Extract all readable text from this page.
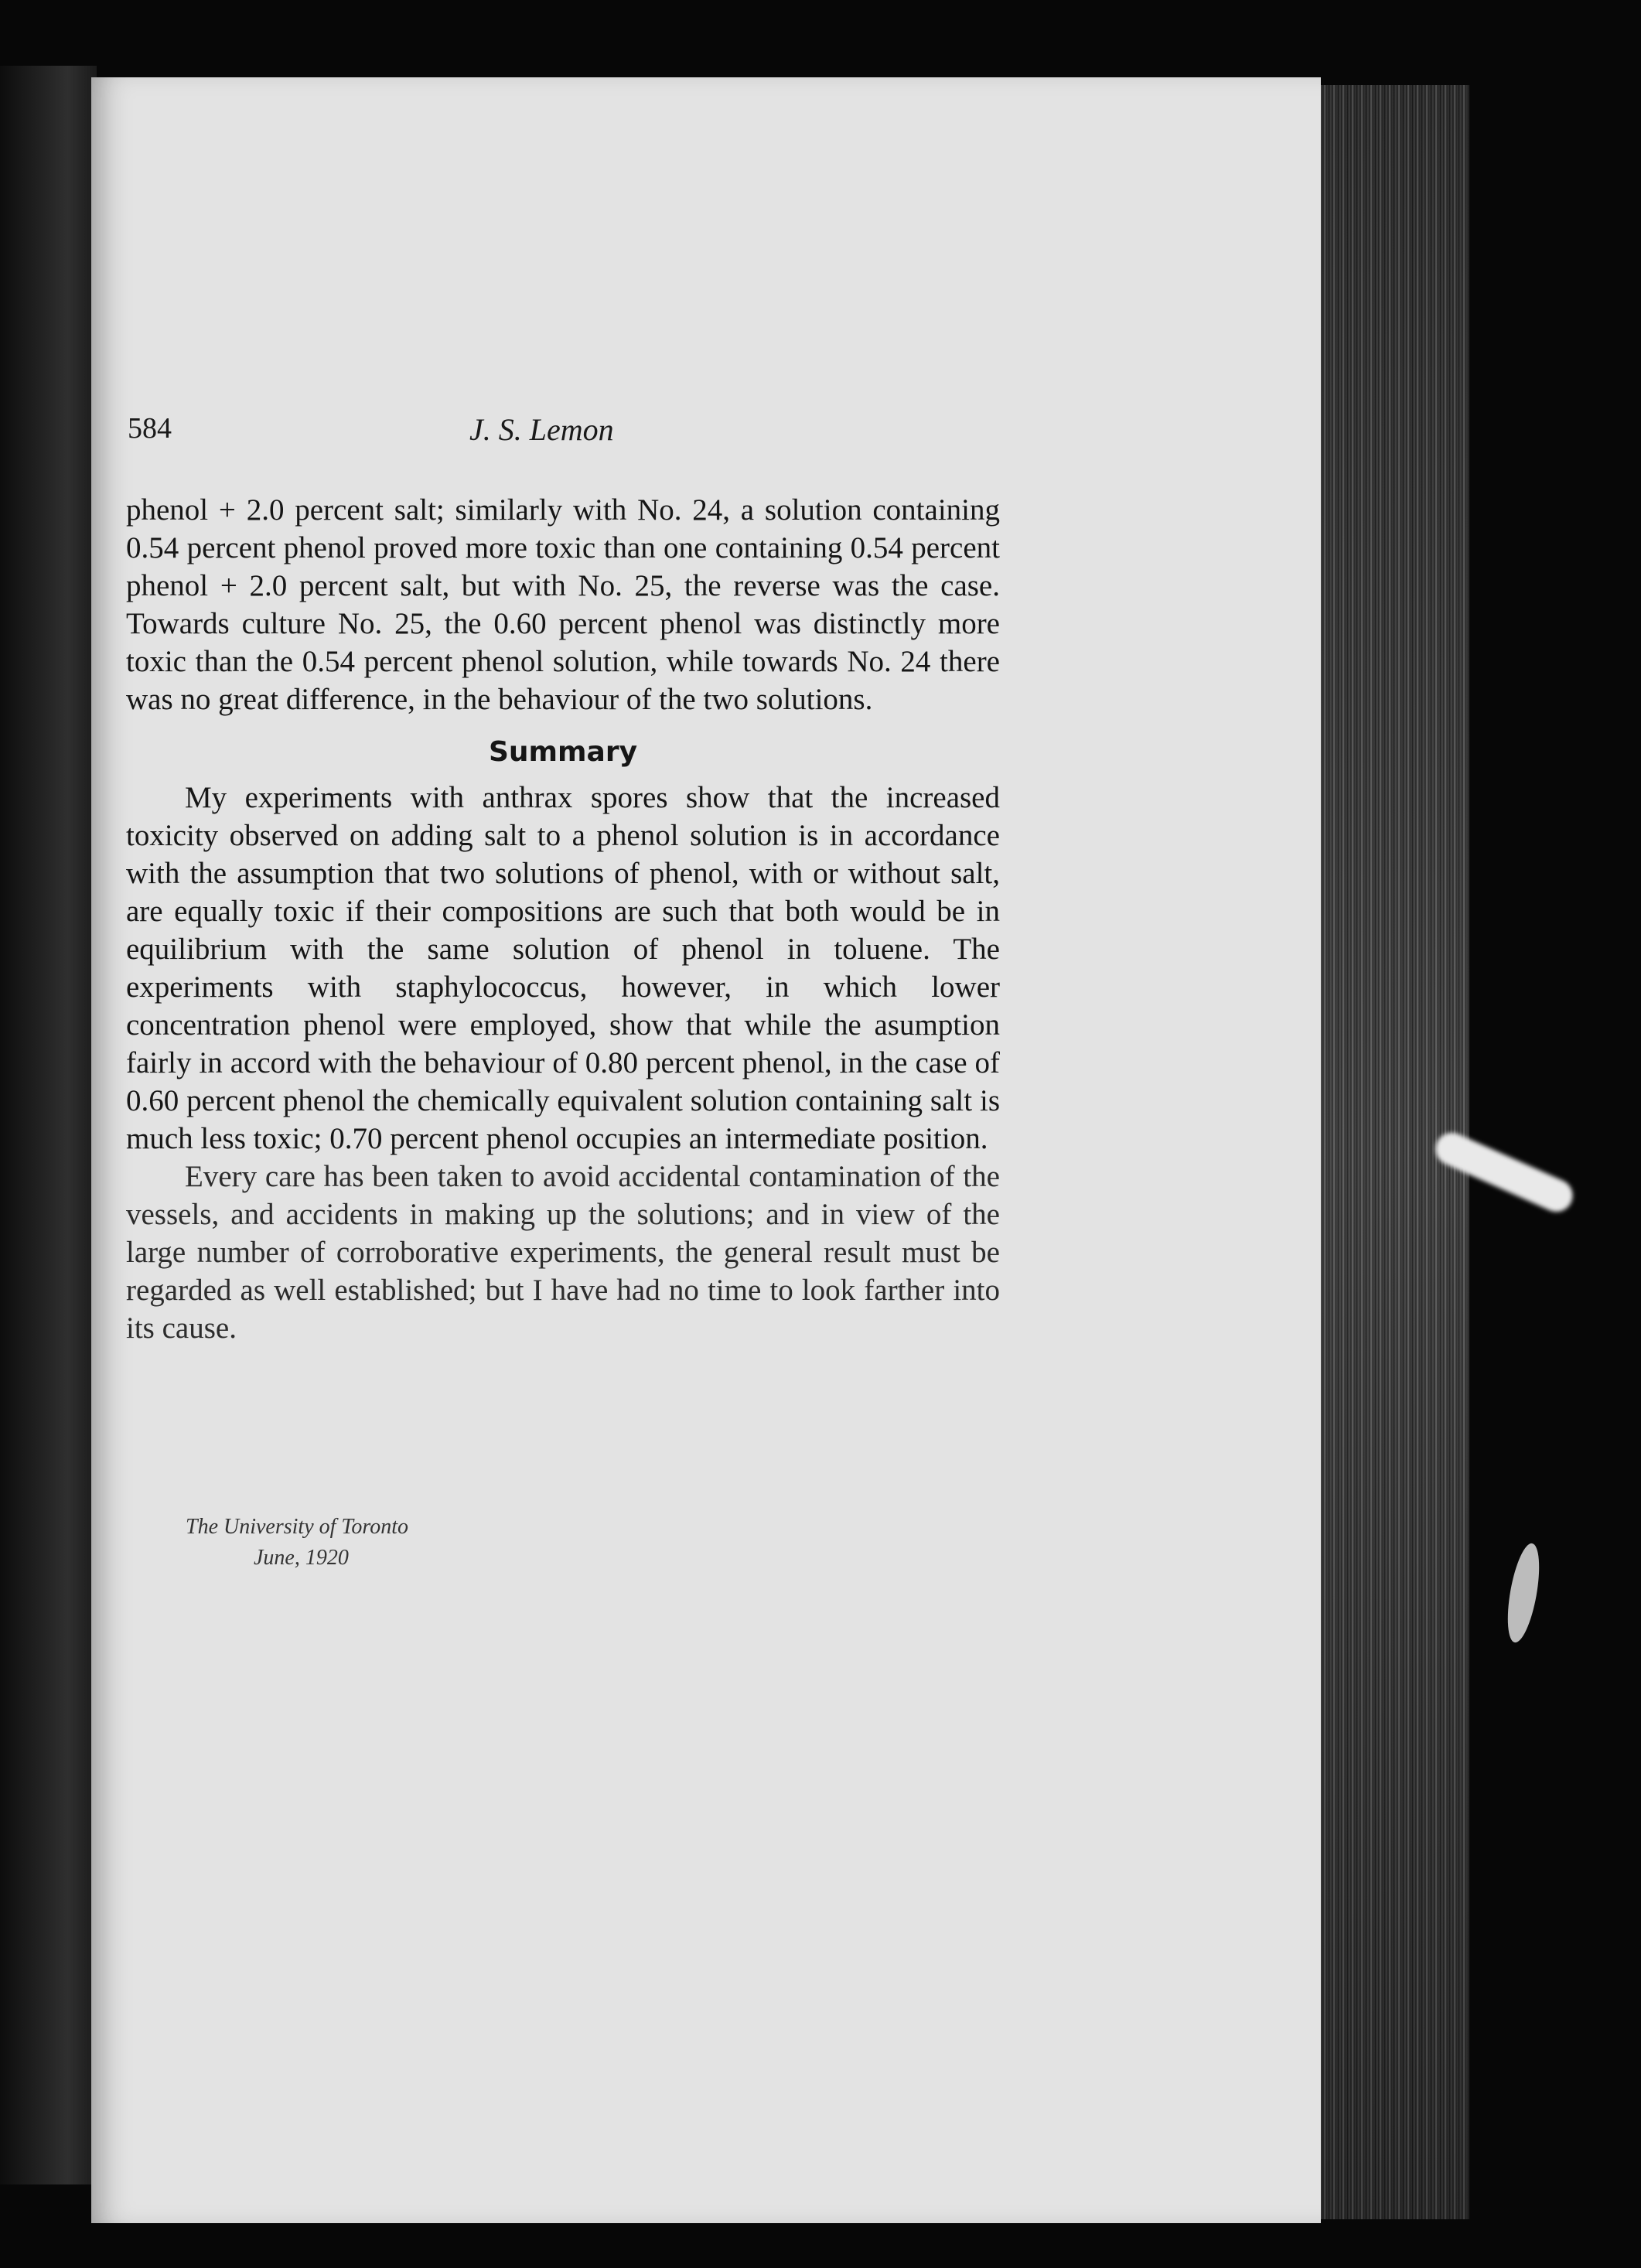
584	J. S. Lemon

phenol + 2.0 percent salt; similarly with No. 24, a solution containing 0.54 percent phenol proved more toxic than one containing 0.54 percent phenol + 2.0 percent salt, but with No. 25, the reverse was the case. Towards culture No. 25, the 0.60 percent phenol was distinctly more toxic than the 0.54 percent phenol solution, while towards No. 24 there was no great difference, in the behaviour of the two solutions.

Summary

My experiments with anthrax spores show that the increased toxicity observed on adding salt to a phenol solution is in accordance with the assumption that two solutions of phenol, with or without salt, are equally toxic if their compositions are such that both would be in equilibrium with the same solution of phenol in toluene. The experiments with staphylococcus, however, in which lower concentration phenol were employed, show that while the asumption fairly in accord with the behaviour of 0.80 percent phenol, in the case of 0.60 percent phenol the chemically equivalent solution containing salt is much less toxic; 0.70 percent phenol occupies an intermediate position.

Every care has been taken to avoid accidental contamination of the vessels, and accidents in making up the solutions; and in view of the large number of corroborative experiments, the general result must be regarded as well established; but I have had no time to look farther into its cause.

The University of Toronto
June, 1920
